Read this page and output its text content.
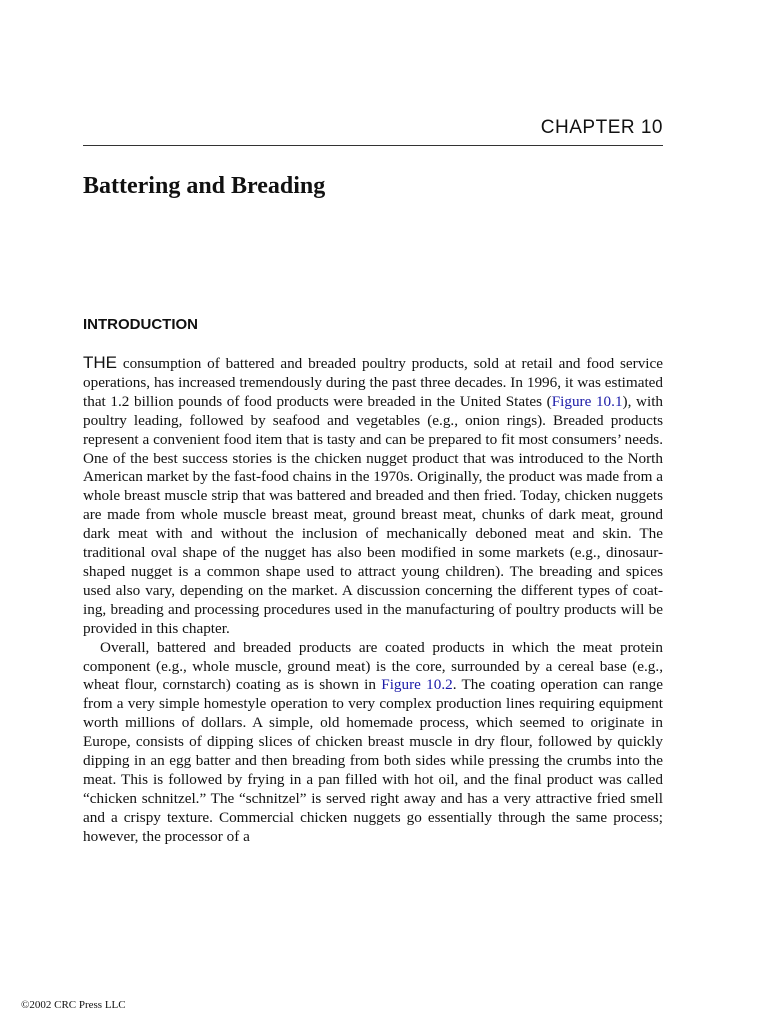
CHAPTER 10
Battering and Breading
INTRODUCTION

THE consumption of battered and breaded poultry products, sold at retail and food service operations, has increased tremendously during the past three decades. In 1996, it was estimated that 1.2 billion pounds of food products were breaded in the United States (Figure 10.1), with poultry leading, followed by seafood and vegetables (e.g., onion rings). Breaded products represent a convenient food item that is tasty and can be prepared to fit most consumers’ needs. One of the best success stories is the chicken nugget product that was introduced to the North American market by the fast-food chains in the 1970s. Originally, the product was made from a whole breast muscle strip that was battered and breaded and then fried. Today, chicken nuggets are made from whole muscle breast meat, ground breast meat, chunks of dark meat, ground dark meat with and without the inclusion of mechanically deboned meat and skin. The traditional oval shape of the nugget has also been modified in some markets (e.g., dinosaur-shaped nugget is a common shape used to attract young children). The breading and spices used also vary, depending on the market. A discussion concerning the different types of coating, breading and processing procedures used in the manufacturing of poultry products will be provided in this chapter.

Overall, battered and breaded products are coated products in which the meat protein component (e.g., whole muscle, ground meat) is the core, surrounded by a cereal base (e.g., wheat flour, cornstarch) coating as is shown in Figure 10.2. The coating operation can range from a very simple homestyle operation to very complex production lines requiring equipment worth millions of dollars. A simple, old homemade process, which seemed to originate in Europe, consists of dipping slices of chicken breast muscle in dry flour, followed by quickly dipping in an egg batter and then breading from both sides while pressing the crumbs into the meat. This is followed by frying in a pan filled with hot oil, and the final product was called “chicken schnitzel.” The “schnitzel” is served right away and has a very attractive fried smell and a crispy texture. Commercial chicken nuggets go essentially through the same process; however, the processor of a

©2002 CRC Press LLC
